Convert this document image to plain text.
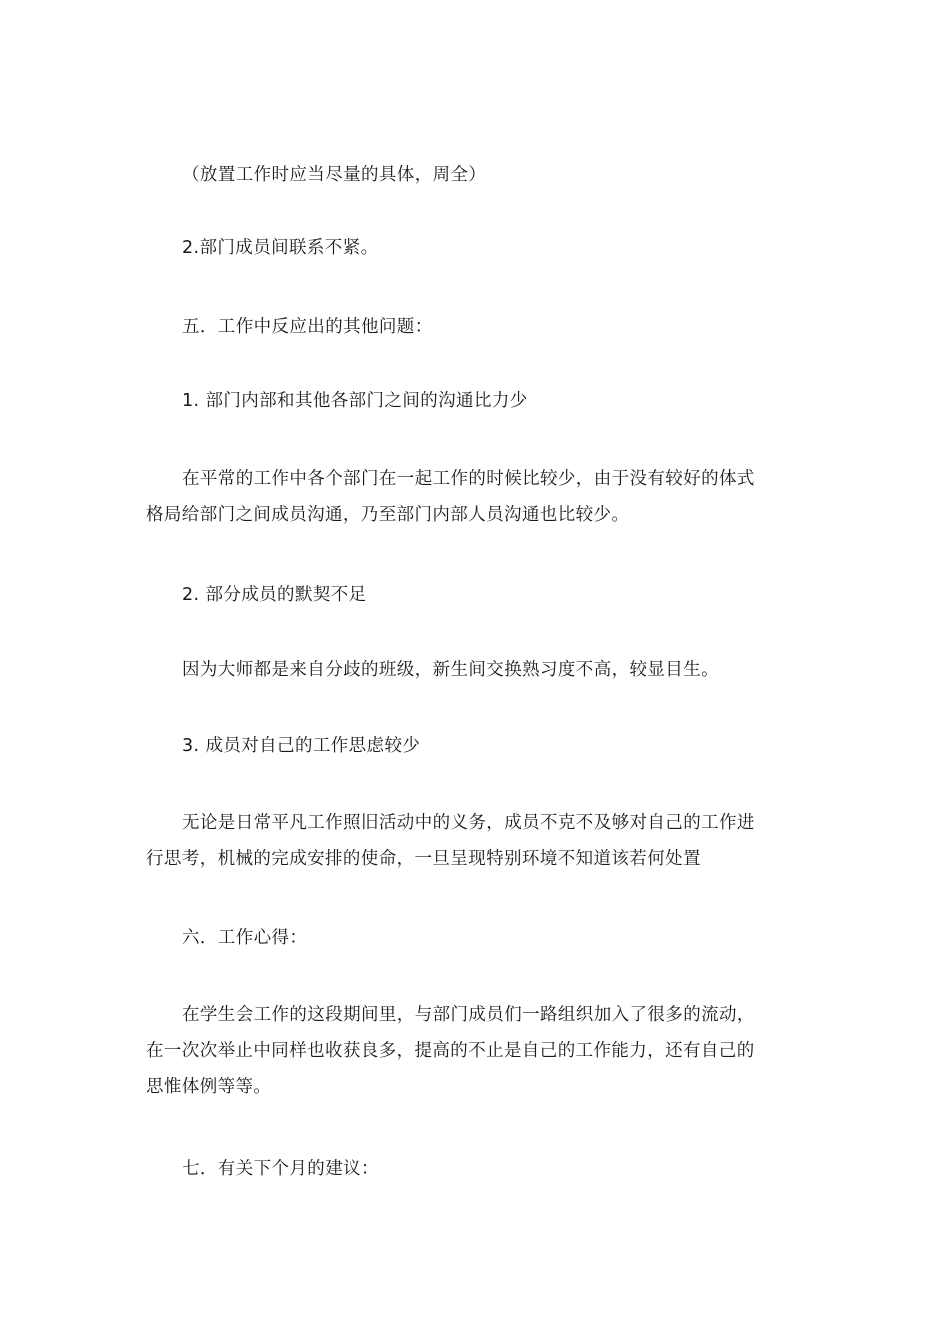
（放置工作时应当尽量的具体，周全）

2.部门成员间联系不紧。

五．工作中反应出的其他问题：

1. 部门内部和其他各部门之间的沟通比力少

在平常的工作中各个部门在一起工作的时候比较少，由于没有较好的体式
格局给部门之间成员沟通，乃至部门内部人员沟通也比较少。

2. 部分成员的默契不足

因为大师都是来自分歧的班级，新生间交换熟习度不高，较显目生。

3. 成员对自己的工作思虑较少

无论是日常平凡工作照旧活动中的义务，成员不克不及够对自己的工作进
行思考，机械的完成安排的使命，一旦呈现特别环境不知道该若何处置

六．工作心得：

在学生会工作的这段期间里，与部门成员们一路组织加入了很多的流动，
在一次次举止中同样也收获良多，提高的不止是自己的工作能力，还有自己的
思惟体例等等。

七．有关下个月的建议：
